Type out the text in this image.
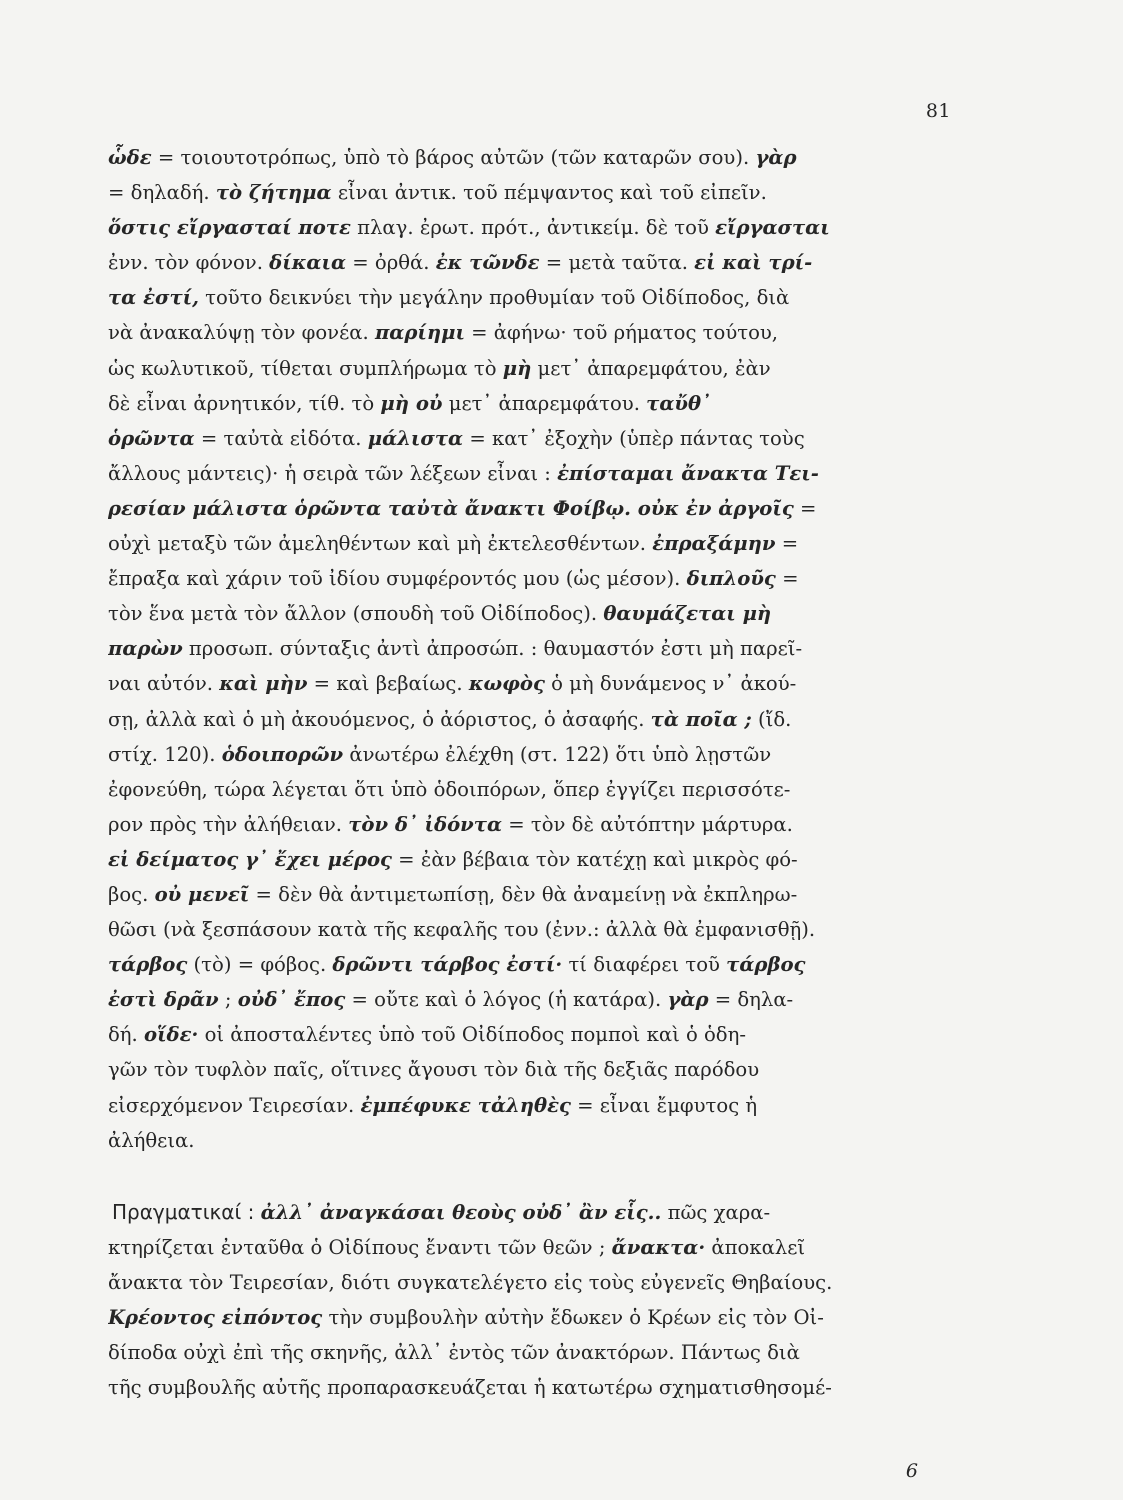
81
ὧδε = τοιουτοτρόπως, ὑπὸ τὸ βάρος αὐτῶν (τῶν καταρῶν σου). γὰρ
= δηλαδή. τὸ ζήτημα εἶναι ἀντικ. τοῦ πέμψαντος καὶ τοῦ εἰπεῖν.
ὅστις εἴργασταί ποτε πλαγ. ἐρωτ. πρότ., ἀντικείμ. δὲ τοῦ εἴργασται
ἐνν. τὸν φόνον. δίκαια = ὀρθά. ἐκ τῶνδε = μετὰ ταῦτα. εἰ καὶ τρί-
τα ἐστί, τοῦτο δεικνύει τὴν μεγάλην προθυμίαν τοῦ Οἰδίποδος, διὰ
νὰ ἀνακαλύψῃ τὸν φονέα. παρίημι = ἀφήνω· τοῦ ρήματος τούτου,
ὡς κωλυτικοῦ, τίθεται συμπλήρωμα τὸ μὴ μετ᾽ ἀπαρεμφάτου, ἐὰν
δὲ εἶναι ἀρνητικόν, τίθ. τὸ μὴ οὐ μετ᾽ ἀπαρεμφάτου. ταὔθ᾽
ὁρῶντα = ταὐτὰ εἰδότα. μάλιστα = κατ᾽ ἐξοχὴν (ὑπὲρ πάντας τοὺς
ἄλλους μάντεις)· ἡ σειρὰ τῶν λέξεων εἶναι : ἐπίσταμαι ἄνακτα Τει-
ρεσίαν μάλιστα ὁρῶντα ταὐτὰ ἄνακτι Φοίβῳ. οὐκ ἐν ἀργοῖς =
οὐχὶ μεταξὺ τῶν ἀμεληθέντων καὶ μὴ ἐκτελεσθέντων. ἐπραξάμην =
ἔπραξα καὶ χάριν τοῦ ἰδίου συμφέροντός μου (ὡς μέσον). διπλοῦς =
τὸν ἕνα μετὰ τὸν ἄλλον (σπουδὴ τοῦ Οἰδίποδος). θαυμάζεται μὴ
παρὼν προσωπ. σύνταξις ἀντὶ ἀπροσώπ. : θαυμαστόν ἐστι μὴ παρεῖ-
ναι αὐτόν. καὶ μὴν = καὶ βεβαίως. κωφὸς ὁ μὴ δυνάμενος ν᾽ ἀκού-
σῃ, ἀλλὰ καὶ ὁ μὴ ἀκουόμενος, ὁ ἀόριστος, ὁ ἀσαφής. τὰ ποῖα ; (ἴδ.
στίχ. 120). ὁδοιπορῶν ἀνωτέρω ἐλέχθη (στ. 122) ὅτι ὑπὸ λῃστῶν
ἐφονεύθη, τώρα λέγεται ὅτι ὑπὸ ὁδοιπόρων, ὅπερ ἐγγίζει περισσότε-
ρον πρὸς τὴν ἀλήθειαν. τὸν δ᾽ ἰδόντα = τὸν δὲ αὐτόπτην μάρτυρα.
εἰ δείματος γ᾽ ἔχει μέρος = ἐὰν βέβαια τὸν κατέχῃ καὶ μικρὸς φό-
βος. οὐ μενεῖ = δὲν θὰ ἀντιμετωπίσῃ, δὲν θὰ ἀναμείνῃ νὰ ἐκπληρω-
θῶσι (νὰ ξεσπάσουν κατὰ τῆς κεφαλῆς του (ἐνν.: ἀλλὰ θὰ ἐμφανισθῇ).
τάρβος (τὸ) = φόβος. δρῶντι τάρβος ἐστί· τί διαφέρει τοῦ τάρβος
ἐστὶ δρᾶν ; οὐδ᾽ ἔπος = οὔτε καὶ ὁ λόγος (ἡ κατάρα). γὰρ = δηλα-
δή. οἵδε· οἱ ἀποσταλέντες ὑπὸ τοῦ Οἰδίποδος πομποὶ καὶ ὁ ὁδη-
γῶν τὸν τυφλὸν παῖς, οἵτινες ἄγουσι τὸν διὰ τῆς δεξιᾶς παρόδου
εἰσερχόμενον Τειρεσίαν. ἐμπέφυκε τἀληθὲς = εἶναι ἔμφυτος ἡ
ἀλήθεια.
Πραγματικαί : ἀλλ᾽ ἀναγκάσαι θεοὺς οὐδ᾽ ἂν εἷς.. πῶς χαρα-
κτηρίζεται ἐνταῦθα ὁ Οἰδίπους ἔναντι τῶν θεῶν ; ἄνακτα· ἀποκαλεῖ
ἄνακτα τὸν Τειρεσίαν, διότι συγκατελέγετο εἰς τοὺς εὐγενεῖς Θηβαίους.
Κρέοντος εἰπόντος τὴν συμβουλὴν αὐτὴν ἔδωκεν ὁ Κρέων εἰς τὸν Οἰ-
δίποδα οὐχὶ ἐπὶ τῆς σκηνῆς, ἀλλ᾽ ἐντὸς τῶν ἀνακτόρων. Πάντως διὰ
τῆς συμβουλῆς αὐτῆς προπαρασκευάζεται ἡ κατωτέρω σχηματισθησομέ-
6
